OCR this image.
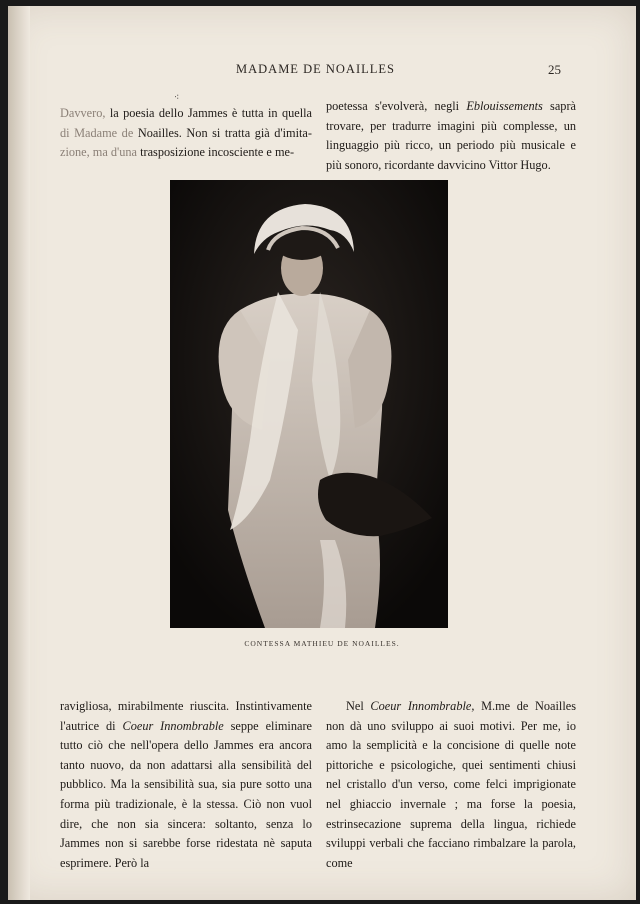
MADAME DE NOAILLES	25
⁖

Davvero, la poesia dello Jammes è tutta in quella di Madame de Noailles. Non si tratta già d'imita- zione, ma d'una trasposizione incosciente e me-

poetessa s'evolverà, negli Eblouissements saprà trovare, per tradurre imagini più complesse, un linguaggio più ricco, un periodo più musicale e più sonoro, ricordante davvicino Vittor Hugo.

CONTESSA MATHIEU DE NOAILLES.

ravigliosa, mirabilmente riuscita. Instintivamente l'autrice di Coeur Innombrable seppe eliminare tutto ciò che nell'opera dello Jammes era ancora tanto nuovo, da non adattarsi alla sensibilità del pubblico. Ma la sensibilità sua, sia pure sotto una forma più tradizionale, è la stessa. Ciò non vuol dire, che non sia sincera: soltanto, senza lo Jammes non si sarebbe forse ridestata nè saputa esprimere. Però la

Nel Coeur Innombrable, M.me de Noailles non dà uno sviluppo ai suoi motivi. Per me, io amo la semplicità e la concisione di quelle note pittoriche e psicologiche, quei sentimenti chiusi nel cristallo d'un verso, come felci imprigionate nel ghiaccio invernale ; ma forse la poesia, estrinsecazione suprema della lingua, richiede sviluppi verbali che facciano rimbalzare la parola, come
